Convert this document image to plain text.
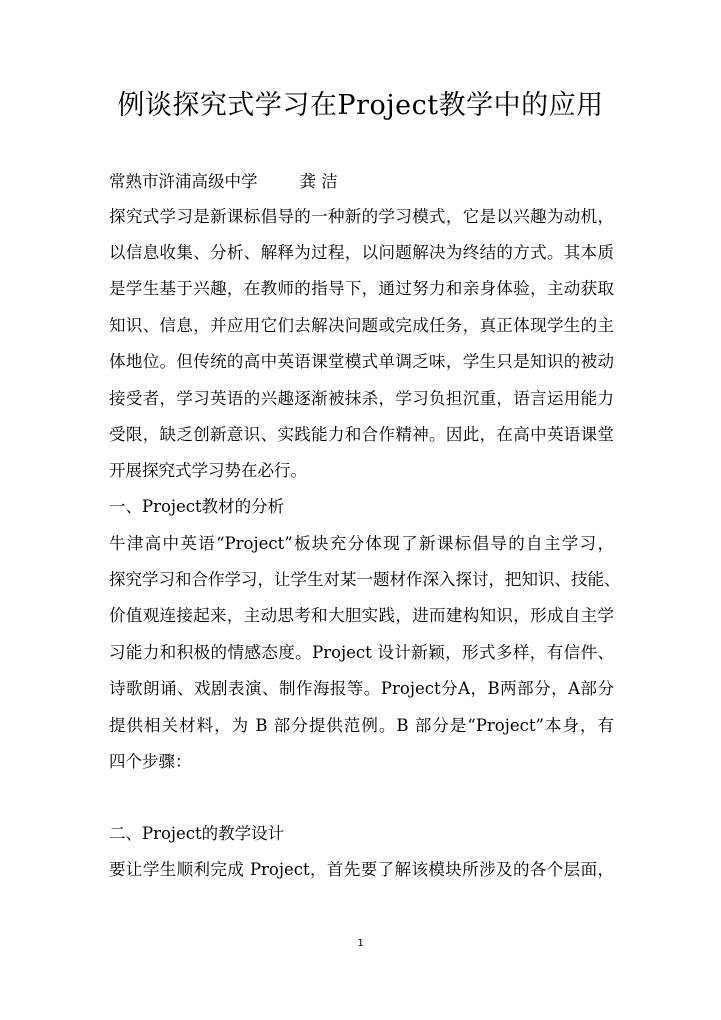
例谈探究式学习在Project教学中的应用
常熟市浒浦高级中学	龚 洁
探究式学习是新课标倡导的一种新的学习模式，它是以兴趣为动机，
以信息收集、分析、解释为过程，以问题解决为终结的方式。其本质
是学生基于兴趣，在教师的指导下，通过努力和亲身体验，主动获取
知识、信息，并应用它们去解决问题或完成任务，真正体现学生的主
体地位。但传统的高中英语课堂模式单调乏味，学生只是知识的被动
接受者，学习英语的兴趣逐渐被抹杀，学习负担沉重，语言运用能力
受限，缺乏创新意识、实践能力和合作精神。因此，在高中英语课堂
开展探究式学习势在必行。
一、Project教材的分析
牛津高中英语“Project”板块充分体现了新课标倡导的自主学习，
探究学习和合作学习，让学生对某一题材作深入探讨，把知识、技能、
价值观连接起来，主动思考和大胆实践，进而建构知识，形成自主学
习能力和积极的情感态度。Project 设计新颖，形式多样，有信件、
诗歌朗诵、戏剧表演、制作海报等。Project分A，B两部分，A部分
提供相关材料，为 B 部分提供范例。B 部分是“Project”本身，有
四个步骤：
二、Project的教学设计
要让学生顺利完成 Project，首先要了解该模块所涉及的各个层面，
1
